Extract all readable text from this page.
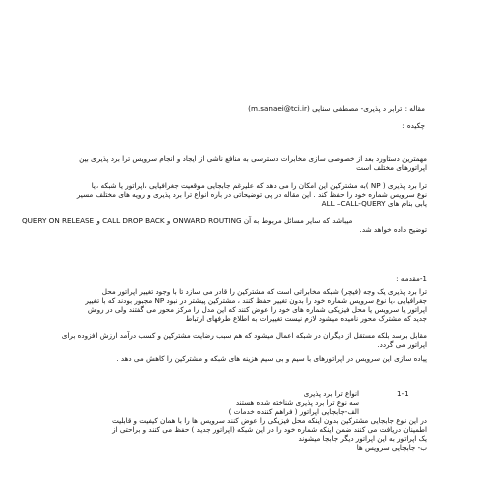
مقاله : ترابر د پذیری- مصطفی سنایی (m.sanaei@tci.ir)
چکیده :
مهمترین دستاورد بعد از خصوصی سازی مخابرات دسترسی به منافع ناشی از ایجاد و انجام سرویس ترا برد پذیری بین
اپراتورهای مختلف است
ترا برد پذیری ( NP )به مشترکین این امکان را می دهد که علیرغم جابجایی موقعیت جغرافیایی ،اپراتور یا شبکه ،یا
نوع سرویس شماره خود را حفظ کند . این مقاله در پی توضیحاتی در باره انواع ترا برد پذیری و رویه های مختلف مسیر
یابی بنام های ALL –CALL-QUERY
QUERY ON RELEASE و CALL DROP BACK و ONWARD ROUTING میباشد که سایر مسائل مربوط به آن
توضیح داده خواهد شد.
1-مقدمه :
ترا برد پذیری یک وجه (فیچر) شبکه مخابراتی است که مشترکین را قادر می سازد تا با وجود تغییر اپراتور محل
جغرافیایی ،یا نوع سرویس شماره خود را بدون تغییر حفظ کنند ، مشترکین پیشتر در نبود NP مجبور بودند که با تغییر
اپراتور یا سرویس یا محل فیزیکی شماره های خود را عوض کنند که این مدل را مرکز محور می گفتند ولی در روش
جدید که مشترک محور نامیده میشود لازم نیست تغییرات به اطلاع طرفهای ارتباط
مقابل برسد بلکه مستقل از دیگران در شبکه اعمال میشود که هم سبب رضایت مشترکین و کسب درآمد ارزش افزوده برای
اپراتور می گردد.
پیاده سازی این سرویس در اپراتورهای با سیم و بی سیم هزینه های شبکه و مشترکین را کاهش می دهد .
1-1
انواع ترا برد پذیری
سه نوع ترا برد پذیری شناخته شده هستند
الف-جابجایی اپراتور ( فراهم کننده خدمات )
در این نوع جابجایی مشترکین بدون اینکه محل فیزیکی را عوض کنند سرویس ها را با همان کیفیت و قابلیت
اطمینان دریافت می کنند ضمن اینکه شماره خود را در این شبکه (اپراتور جدید ) حفظ می کنند و براحتی از
یک اپراتور به این اپراتور دیگر جابجا میشوند
ب- جابجایی سرویس ها
